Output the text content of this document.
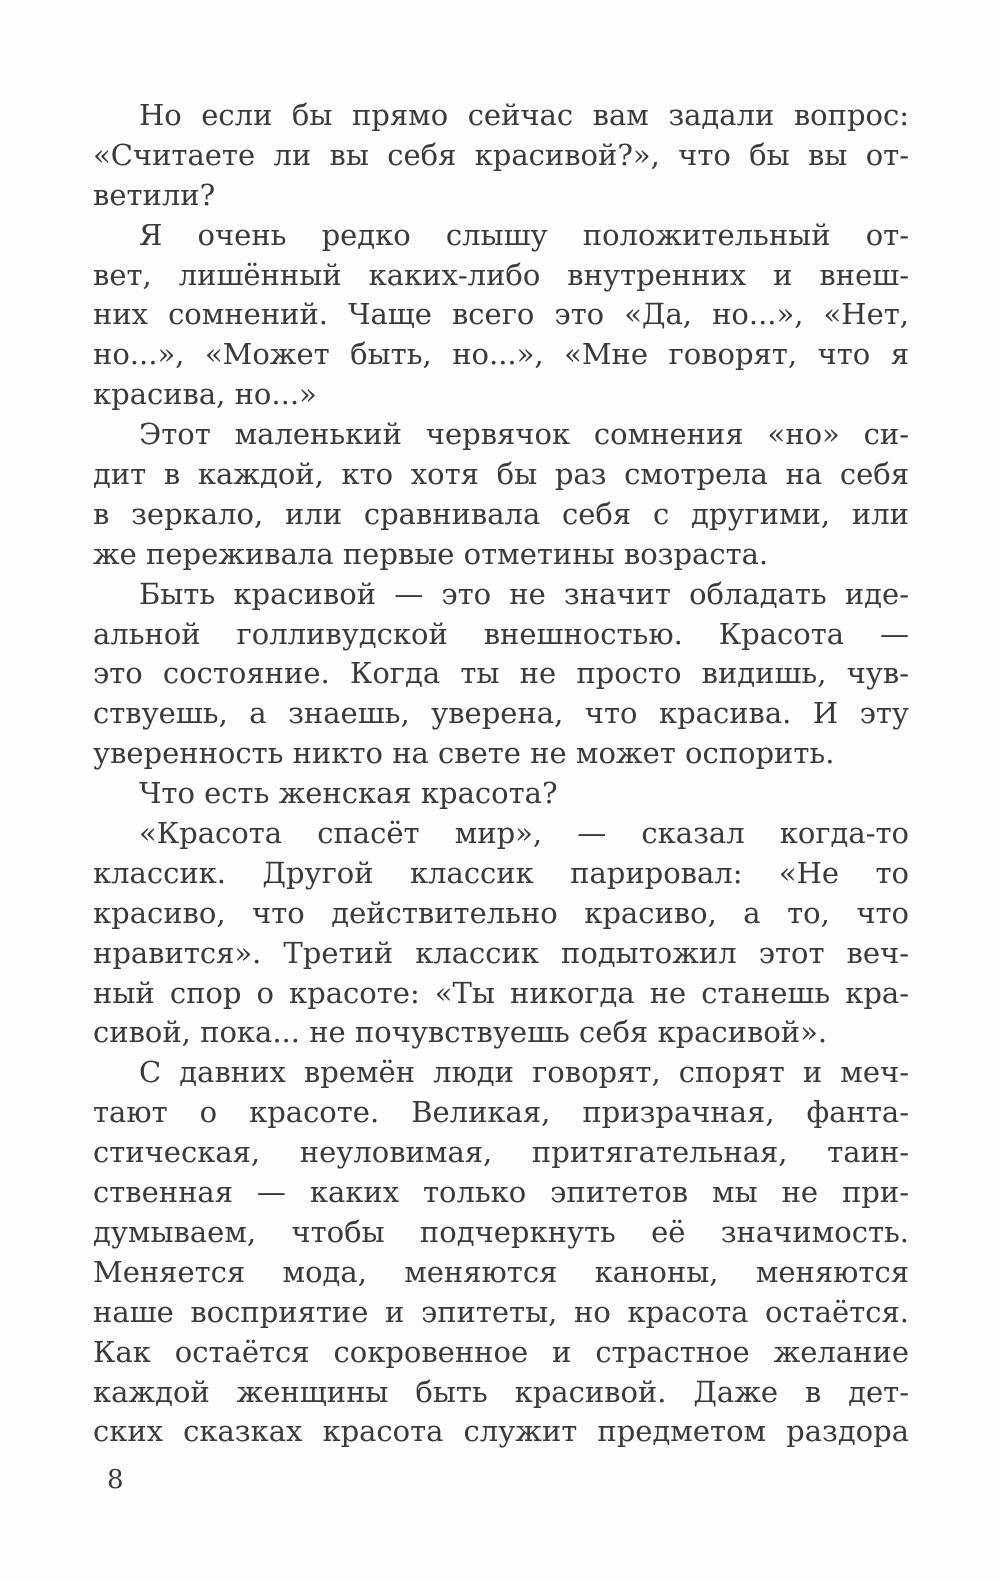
Но если бы прямо сейчас вам задали вопрос:
«Считаете ли вы себя красивой?», что бы вы от-
ветили?
Я очень редко слышу положительный от-
вет, лишённый каких-либо внутренних и внеш-
них сомнений. Чаще всего это «Да, но...», «Нет,
но...», «Может быть, но...», «Мне говорят, что я
красива, но...»
Этот маленький червячок сомнения «но» си-
дит в каждой, кто хотя бы раз смотрела на себя
в зеркало, или сравнивала себя с другими, или
же переживала первые отметины возраста.
Быть красивой — это не значит обладать иде-
альной голливудской внешностью. Красота —
это состояние. Когда ты не просто видишь, чув-
ствуешь, а знаешь, уверена, что красива. И эту
уверенность никто на свете не может оспорить.
Что есть женская красота?
«Красота спасёт мир», — сказал когда-то
классик. Другой классик парировал: «Не то
красиво, что действительно красиво, а то, что
нравится». Третий классик подытожил этот веч-
ный спор о красоте: «Ты никогда не станешь кра-
сивой, пока... не почувствуешь себя красивой».
С давних времён люди говорят, спорят и меч-
тают о красоте. Великая, призрачная, фанта-
стическая, неуловимая, притягательная, таин-
ственная — каких только эпитетов мы не при-
думываем, чтобы подчеркнуть её значимость.
Меняется мода, меняются каноны, меняются
наше восприятие и эпитеты, но красота остаётся.
Как остаётся сокровенное и страстное желание
каждой женщины быть красивой. Даже в дет-
ских сказках красота служит предметом раздора
8
